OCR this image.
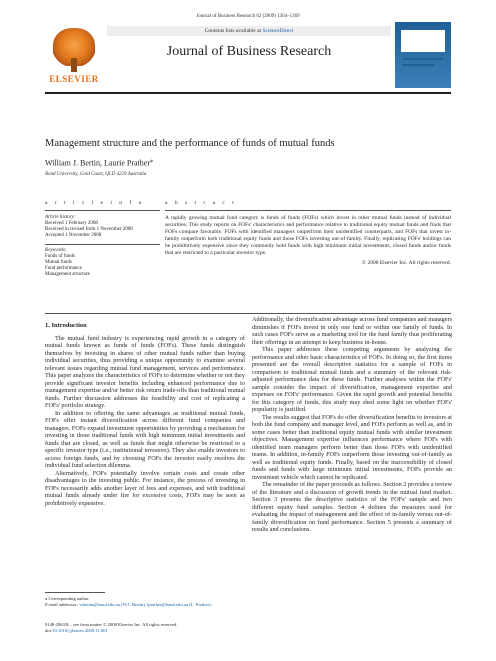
Journal of Business Research 62 (2009) 1364–1369
ELSEVIER
Contents lists available at ScienceDirect
Journal of Business Research
Management structure and the performance of funds of mutual funds
William J. Bertin, Laurie Prather⁎
Bond University, Gold Coast, QLD 4229 Australia
a r t i c l e i n f o
Article history:
Received 1 February 2008
Received in revised form 1 November 2008
Accepted 1 November 2008
Keywords:
Funds of funds
Mutual funds
Fund performance
Management structure
a b s t r a c t
A rapidly growing mutual fund category is funds of funds (FOFs) which invest in other mutual funds instead of individual securities. This study reports on FOFs' characteristics and performance relative to traditional equity mutual funds and finds that FOFs compare favorably. FOFs with identified managers outperform their unidentified counterparts, and FOFs that invest in-family outperform both traditional equity funds and those FOFs investing out-of-family. Finally, replicating FOFs' holdings can be prohibitively expensive since they commonly hold funds with high minimum initial investments, closed funds and/or funds that are restricted to a particular investor type.
© 2008 Elsevier Inc. All rights reserved.
1. Introduction

The mutual fund industry is experiencing rapid growth in a category of mutual funds known as funds of funds (FOFs). These funds distinguish themselves by investing in shares of other mutual funds rather than buying individual securities, thus providing a unique opportunity to examine several relevant issues regarding mutual fund management, services and performance. This paper analyzes the characteristics of FOFs to determine whether or not they provide significant investor benefits including enhanced performance due to management expertise and/or better risk return trade-offs than traditional mutual funds. Further discussion addresses the feasibility and cost of replicating a FOFs' portfolio strategy.

In addition to offering the same advantages as traditional mutual funds, FOFs offer instant diversification across different fund companies and managers. FOFs expand investment opportunities by providing a mechanism for investing in those traditional funds with high minimum initial investments and funds that are closed, as well as funds that might otherwise be restricted to a specific investor type (i.e., institutional investors). They also enable investors to access foreign funds, and by choosing FOFs the investor easily resolves the individual fund selection dilemma.

Alternatively, FOFs potentially involve certain costs and create other disadvantages to the investing public. For instance, the process of investing in FOFs necessarily adds another layer of fees and expenses, and with traditional mutual funds already under fire for excessive costs, FOFs may be seen as prohibitively expensive.

Additionally, the diversification advantage across fund companies and managers diminishes if FOFs invest in only one fund or within one family of funds. In such cases FOFs serve as a marketing tool for the fund family thus proliferating their offerings in an attempt to keep business in-house.

This paper addresses these competing arguments by analyzing the performance and other basic characteristics of FOFs. In doing so, the first items presented are the overall descriptive statistics for a sample of FOFs in comparison to traditional mutual funds and a summary of the relevant risk-adjusted performance data for these funds. Further analyses within the FOFs' sample consider the impact of diversification, management expertise and expenses on FOFs' performance. Given the rapid growth and potential benefits for this category of funds, this study may shed some light on whether FOFs' popularity is justified.

The results suggest that FOFs do offer diversification benefits to investors at both the fund company and manager level, and FOFs perform as well as, and in some cases better than traditional equity mutual funds with similar investment objectives. Management expertise influences performance where FOFs with identified team managers perform better than those FOFs with unidentified teams. In addition, in-family FOFs outperform those investing out-of-family as well as traditional equity funds. Finally, based on the inaccessibility of closed funds and funds with large minimum initial investments, FOFs provide an investment vehicle which cannot be replicated.

The remainder of the paper proceeds as follows. Section 2 provides a review of the literature and a discussion of growth trends in the mutual fund market. Section 3 presents the descriptive statistics of the FOFs' sample and two different equity fund samples. Section 4 defines the measures used for evaluating the impact of management and the effect of in-family versus out-of-family diversification on fund performance. Section 5 presents a summary of results and conclusions.

⁎ Corresponding author.
E-mail addresses: wbertin@bond.edu.au (W.J. Bertin), lprather@bond.edu.au (L. Prather).
0148-2963/$ – see front matter © 2008 Elsevier Inc. All rights reserved.
doi:10.1016/j.jbusres.2008.11.001
